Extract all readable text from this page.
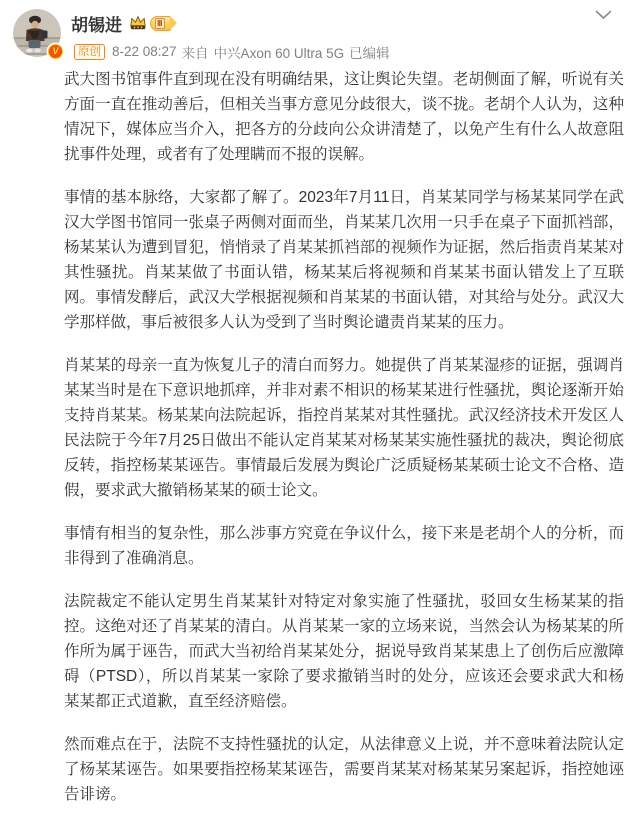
V
胡锡进	Ⅲ
原创 8-22 08:27 来自 中兴Axon 60 Ultra 5G 已编辑

武大图书馆事件直到现在没有明确结果，这让舆论失望。老胡侧面了解，听说有关方面一直在推动善后，但相关当事方意见分歧很大，谈不拢。老胡个人认为，这种情况下，媒体应当介入，把各方的分歧向公众讲清楚了，以免产生有什么人故意阻扰事件处理，或者有了处理瞒而不报的误解。

事情的基本脉络，大家都了解了。2023年7月11日，肖某某同学与杨某某同学在武汉大学图书馆同一张桌子两侧对面而坐，肖某某几次用一只手在桌子下面抓裆部，杨某某认为遭到冒犯，悄悄录了肖某某抓裆部的视频作为证据，然后指责肖某某对其性骚扰。肖某某做了书面认错，杨某某后将视频和肖某某书面认错发上了互联网。事情发酵后，武汉大学根据视频和肖某某的书面认错，对其给与处分。武汉大学那样做，事后被很多人认为受到了当时舆论谴责肖某某的压力。

肖某某的母亲一直为恢复儿子的清白而努力。她提供了肖某某湿疹的证据，强调肖某某当时是在下意识地抓痒，并非对素不相识的杨某某进行性骚扰，舆论逐渐开始支持肖某某。杨某某向法院起诉，指控肖某某对其性骚扰。武汉经济技术开发区人民法院于今年7月25日做出不能认定肖某某对杨某某实施性骚扰的裁决，舆论彻底反转，指控杨某某诬告。事情最后发展为舆论广泛质疑杨某某硕士论文不合格、造假，要求武大撤销杨某某的硕士论文。

事情有相当的复杂性，那么涉事方究竟在争议什么，接下来是老胡个人的分析，而非得到了准确消息。

法院裁定不能认定男生肖某某针对特定对象实施了性骚扰，驳回女生杨某某的指控。这绝对还了肖某某的清白。从肖某某一家的立场来说，当然会认为杨某某的所作所为属于诬告，而武大当初给肖某某处分，据说导致肖某某患上了创伤后应激障碍（PTSD），所以肖某某一家除了要求撤销当时的处分，应该还会要求武大和杨某某都正式道歉，直至经济赔偿。

然而难点在于，法院不支持性骚扰的认定，从法律意义上说，并不意味着法院认定了杨某某诬告。如果要指控杨某某诬告，需要肖某某对杨某某另案起诉，指控她诬告诽谤。
